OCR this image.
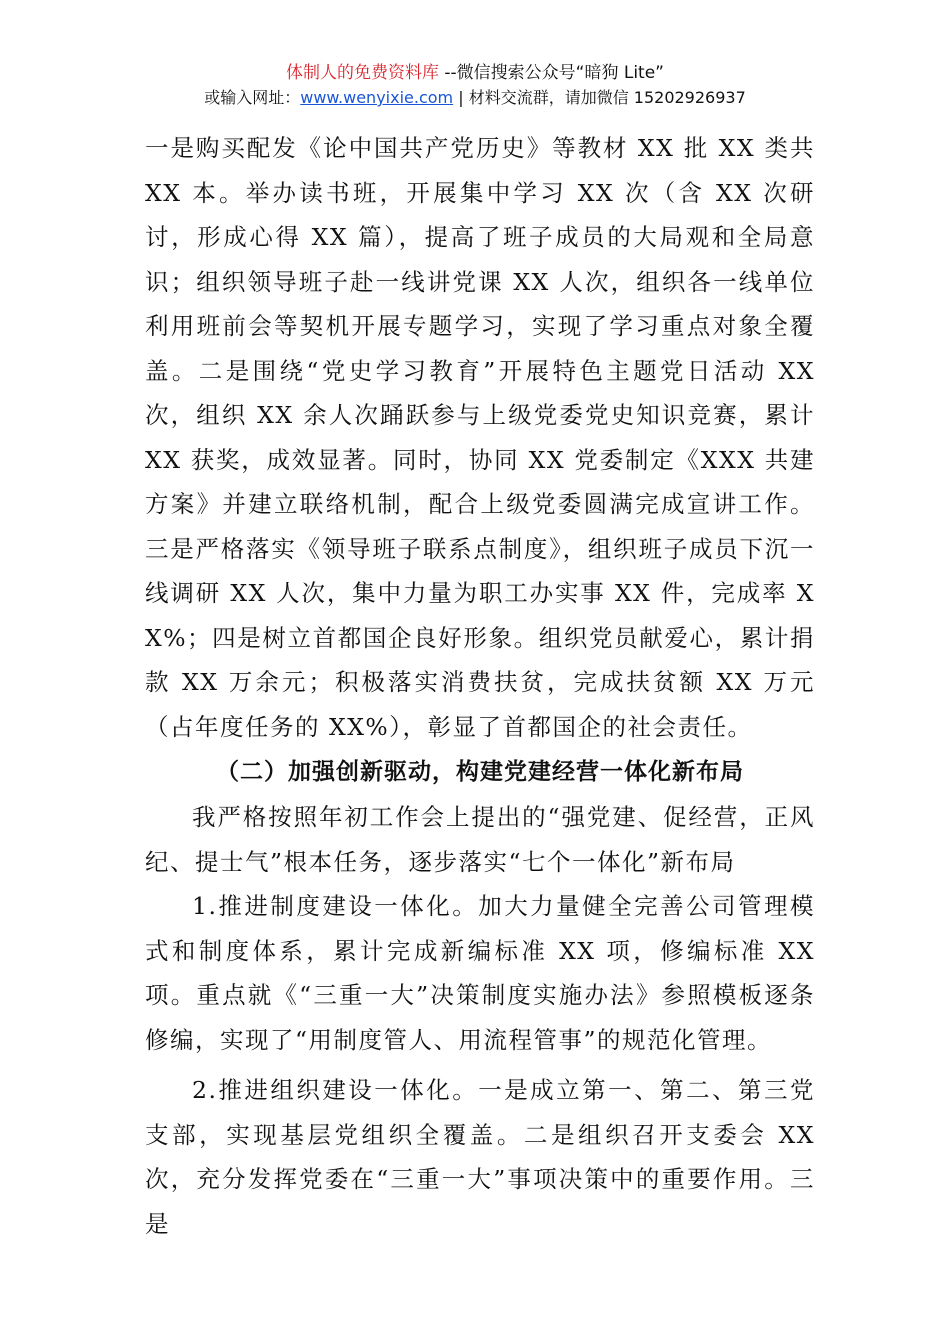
体制人的免费资料库 --微信搜索公众号“暗狗 Lite”
或输入网址：www.wenyixie.com | 材料交流群，请加微信 15202926937

一是购买配发《论中国共产党历史》等教材 XX 批 XX 类共 XX 本。举办读书班，开展集中学习 XX 次（含 XX 次研讨，形成心得 XX 篇），提高了班子成员的大局观和全局意识；组织领导班子赴一线讲党课 XX 人次，组织各一线单位利用班前会等契机开展专题学习，实现了学习重点对象全覆盖。二是围绕“党史学习教育”开展特色主题党日活动 XX 次，组织 XX 余人次踊跃参与上级党委党史知识竞赛，累计 XX 获奖，成效显著。同时，协同 XX 党委制定《XXX 共建方案》并建立联络机制，配合上级党委圆满完成宣讲工作。三是严格落实《领导班子联系点制度》，组织班子成员下沉一线调研 XX 人次，集中力量为职工办实事 XX 件，完成率 XX%；四是树立首都国企良好形象。组织党员献爱心，累计捐款 XX 万余元；积极落实消费扶贫，完成扶贫额 XX 万元（占年度任务的 XX%），彰显了首都国企的社会责任。

（二）加强创新驱动，构建党建经营一体化新布局

我严格按照年初工作会上提出的“强党建、促经营，正风纪、提士气”根本任务，逐步落实“七个一体化”新布局

1.推进制度建设一体化。加大力量健全完善公司管理模式和制度体系，累计完成新编标准 XX 项，修编标准 XX 项。重点就《“三重一大”决策制度实施办法》参照模板逐条修编，实现了“用制度管人、用流程管事”的规范化管理。

2.推进组织建设一体化。一是成立第一、第二、第三党支部，实现基层党组织全覆盖。二是组织召开支委会 XX 次，充分发挥党委在“三重一大”事项决策中的重要作用。三是
